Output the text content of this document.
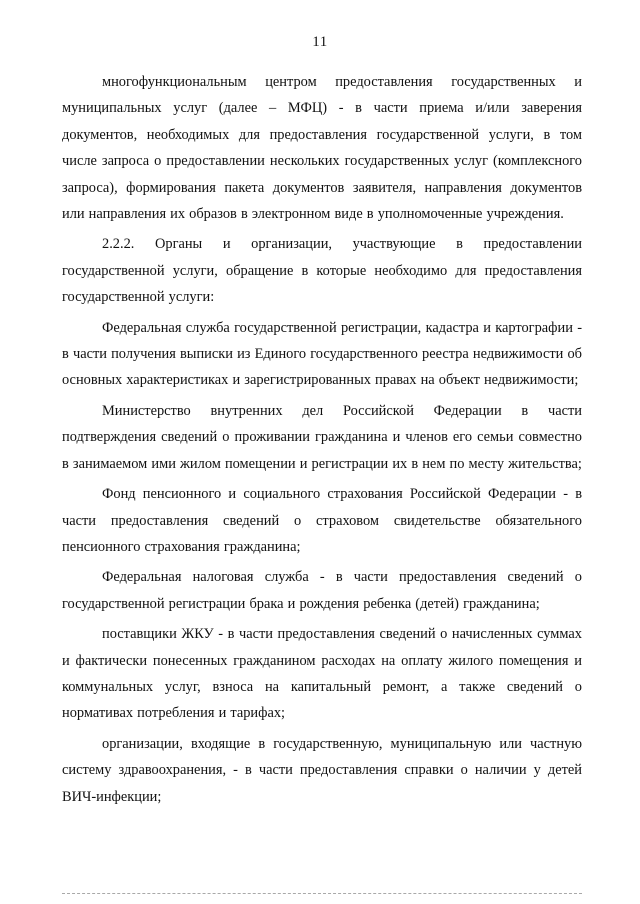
11

многофункциональным центром предоставления государственных и муниципальных услуг (далее – МФЦ) - в части приема и/или заверения документов, необходимых для предоставления государственной услуги, в том числе запроса о предоставлении нескольких государственных услуг (комплексного запроса), формирования пакета документов заявителя, направления документов или направления их образов в электронном виде в уполномоченные учреждения.

2.2.2. Органы и организации, участвующие в предоставлении государственной услуги, обращение в которые необходимо для предоставления государственной услуги:

Федеральная служба государственной регистрации, кадастра и картографии - в части получения выписки из Единого государственного реестра недвижимости об основных характеристиках и зарегистрированных правах на объект недвижимости;

Министерство внутренних дел Российской Федерации в части подтверждения сведений о проживании гражданина и членов его семьи совместно в занимаемом ими жилом помещении и регистрации их в нем по месту жительства;

Фонд пенсионного и социального страхования Российской Федерации - в части предоставления сведений о страховом свидетельстве обязательного пенсионного страхования гражданина;

Федеральная налоговая служба - в части предоставления сведений о государственной регистрации брака и рождения ребенка (детей) гражданина;

поставщики ЖКУ - в части предоставления сведений о начисленных суммах и фактически понесенных гражданином расходах на оплату жилого помещения и коммунальных услуг, взноса на капитальный ремонт, а также сведений о нормативах потребления и тарифах;

организации, входящие в государственную, муниципальную или частную систему здравоохранения, - в части предоставления справки о наличии у детей ВИЧ-инфекции;
